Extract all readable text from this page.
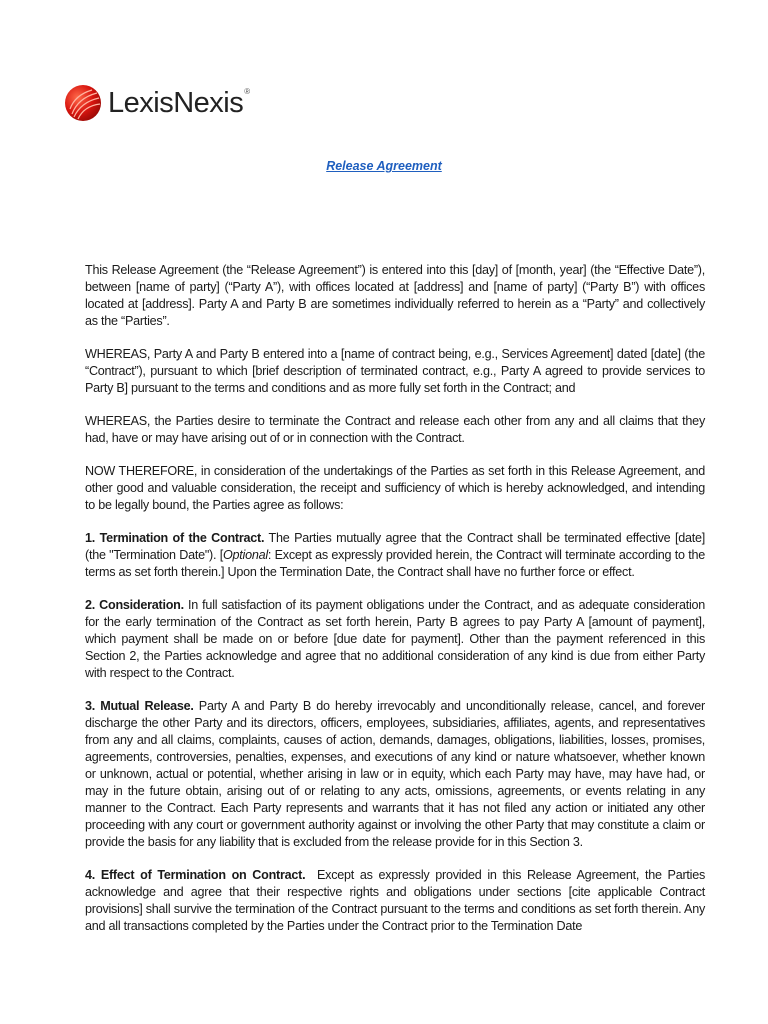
LexisNexis®
Release Agreement

This Release Agreement (the “Release Agreement”) is entered into this [day] of [month, year] (the “Effective Date”), between [name of party] (“Party A”), with offices located at [address] and [name of party] (“Party B”) with offices located at [address]. Party A and Party B are sometimes individually referred to herein as a “Party” and collectively as the “Parties”.

WHEREAS, Party A and Party B entered into a [name of contract being, e.g., Services Agreement] dated [date] (the “Contract”), pursuant to which [brief description of terminated contract, e.g., Party A agreed to provide services to Party B] pursuant to the terms and conditions and as more fully set forth in the Contract; and

WHEREAS, the Parties desire to terminate the Contract and release each other from any and all claims that they had, have or may have arising out of or in connection with the Contract.

NOW THEREFORE, in consideration of the undertakings of the Parties as set forth in this Release Agreement, and other good and valuable consideration, the receipt and sufficiency of which is hereby acknowledged, and intending to be legally bound, the Parties agree as follows:

1. Termination of the Contract. The Parties mutually agree that the Contract shall be terminated effective [date] (the "Termination Date"). [Optional: Except as expressly provided herein, the Contract will terminate according to the terms as set forth therein.] Upon the Termination Date, the Contract shall have no further force or effect.

2. Consideration. In full satisfaction of its payment obligations under the Contract, and as adequate consideration for the early termination of the Contract as set forth herein, Party B agrees to pay Party A [amount of payment], which payment shall be made on or before [due date for payment]. Other than the payment referenced in this Section 2, the Parties acknowledge and agree that no additional consideration of any kind is due from either Party with respect to the Contract.

3. Mutual Release. Party A and Party B do hereby irrevocably and unconditionally release, cancel, and forever discharge the other Party and its directors, officers, employees, subsidiaries, affiliates, agents, and representatives from any and all claims, complaints, causes of action, demands, damages, obligations, liabilities, losses, promises, agreements, controversies, penalties, expenses, and executions of any kind or nature whatsoever, whether known or unknown, actual or potential, whether arising in law or in equity, which each Party may have, may have had, or may in the future obtain, arising out of or relating to any acts, omissions, agreements, or events relating in any manner to the Contract. Each Party represents and warrants that it has not filed any action or initiated any other proceeding with any court or government authority against or involving the other Party that may constitute a claim or provide the basis for any liability that is excluded from the release provide for in this Section 3.

4. Effect of Termination on Contract.  Except as expressly provided in this Release Agreement, the Parties acknowledge and agree that their respective rights and obligations under sections [cite applicable Contract provisions] shall survive the termination of the Contract pursuant to the terms and conditions as set forth therein. Any and all transactions completed by the Parties under the Contract prior to the Termination Date
